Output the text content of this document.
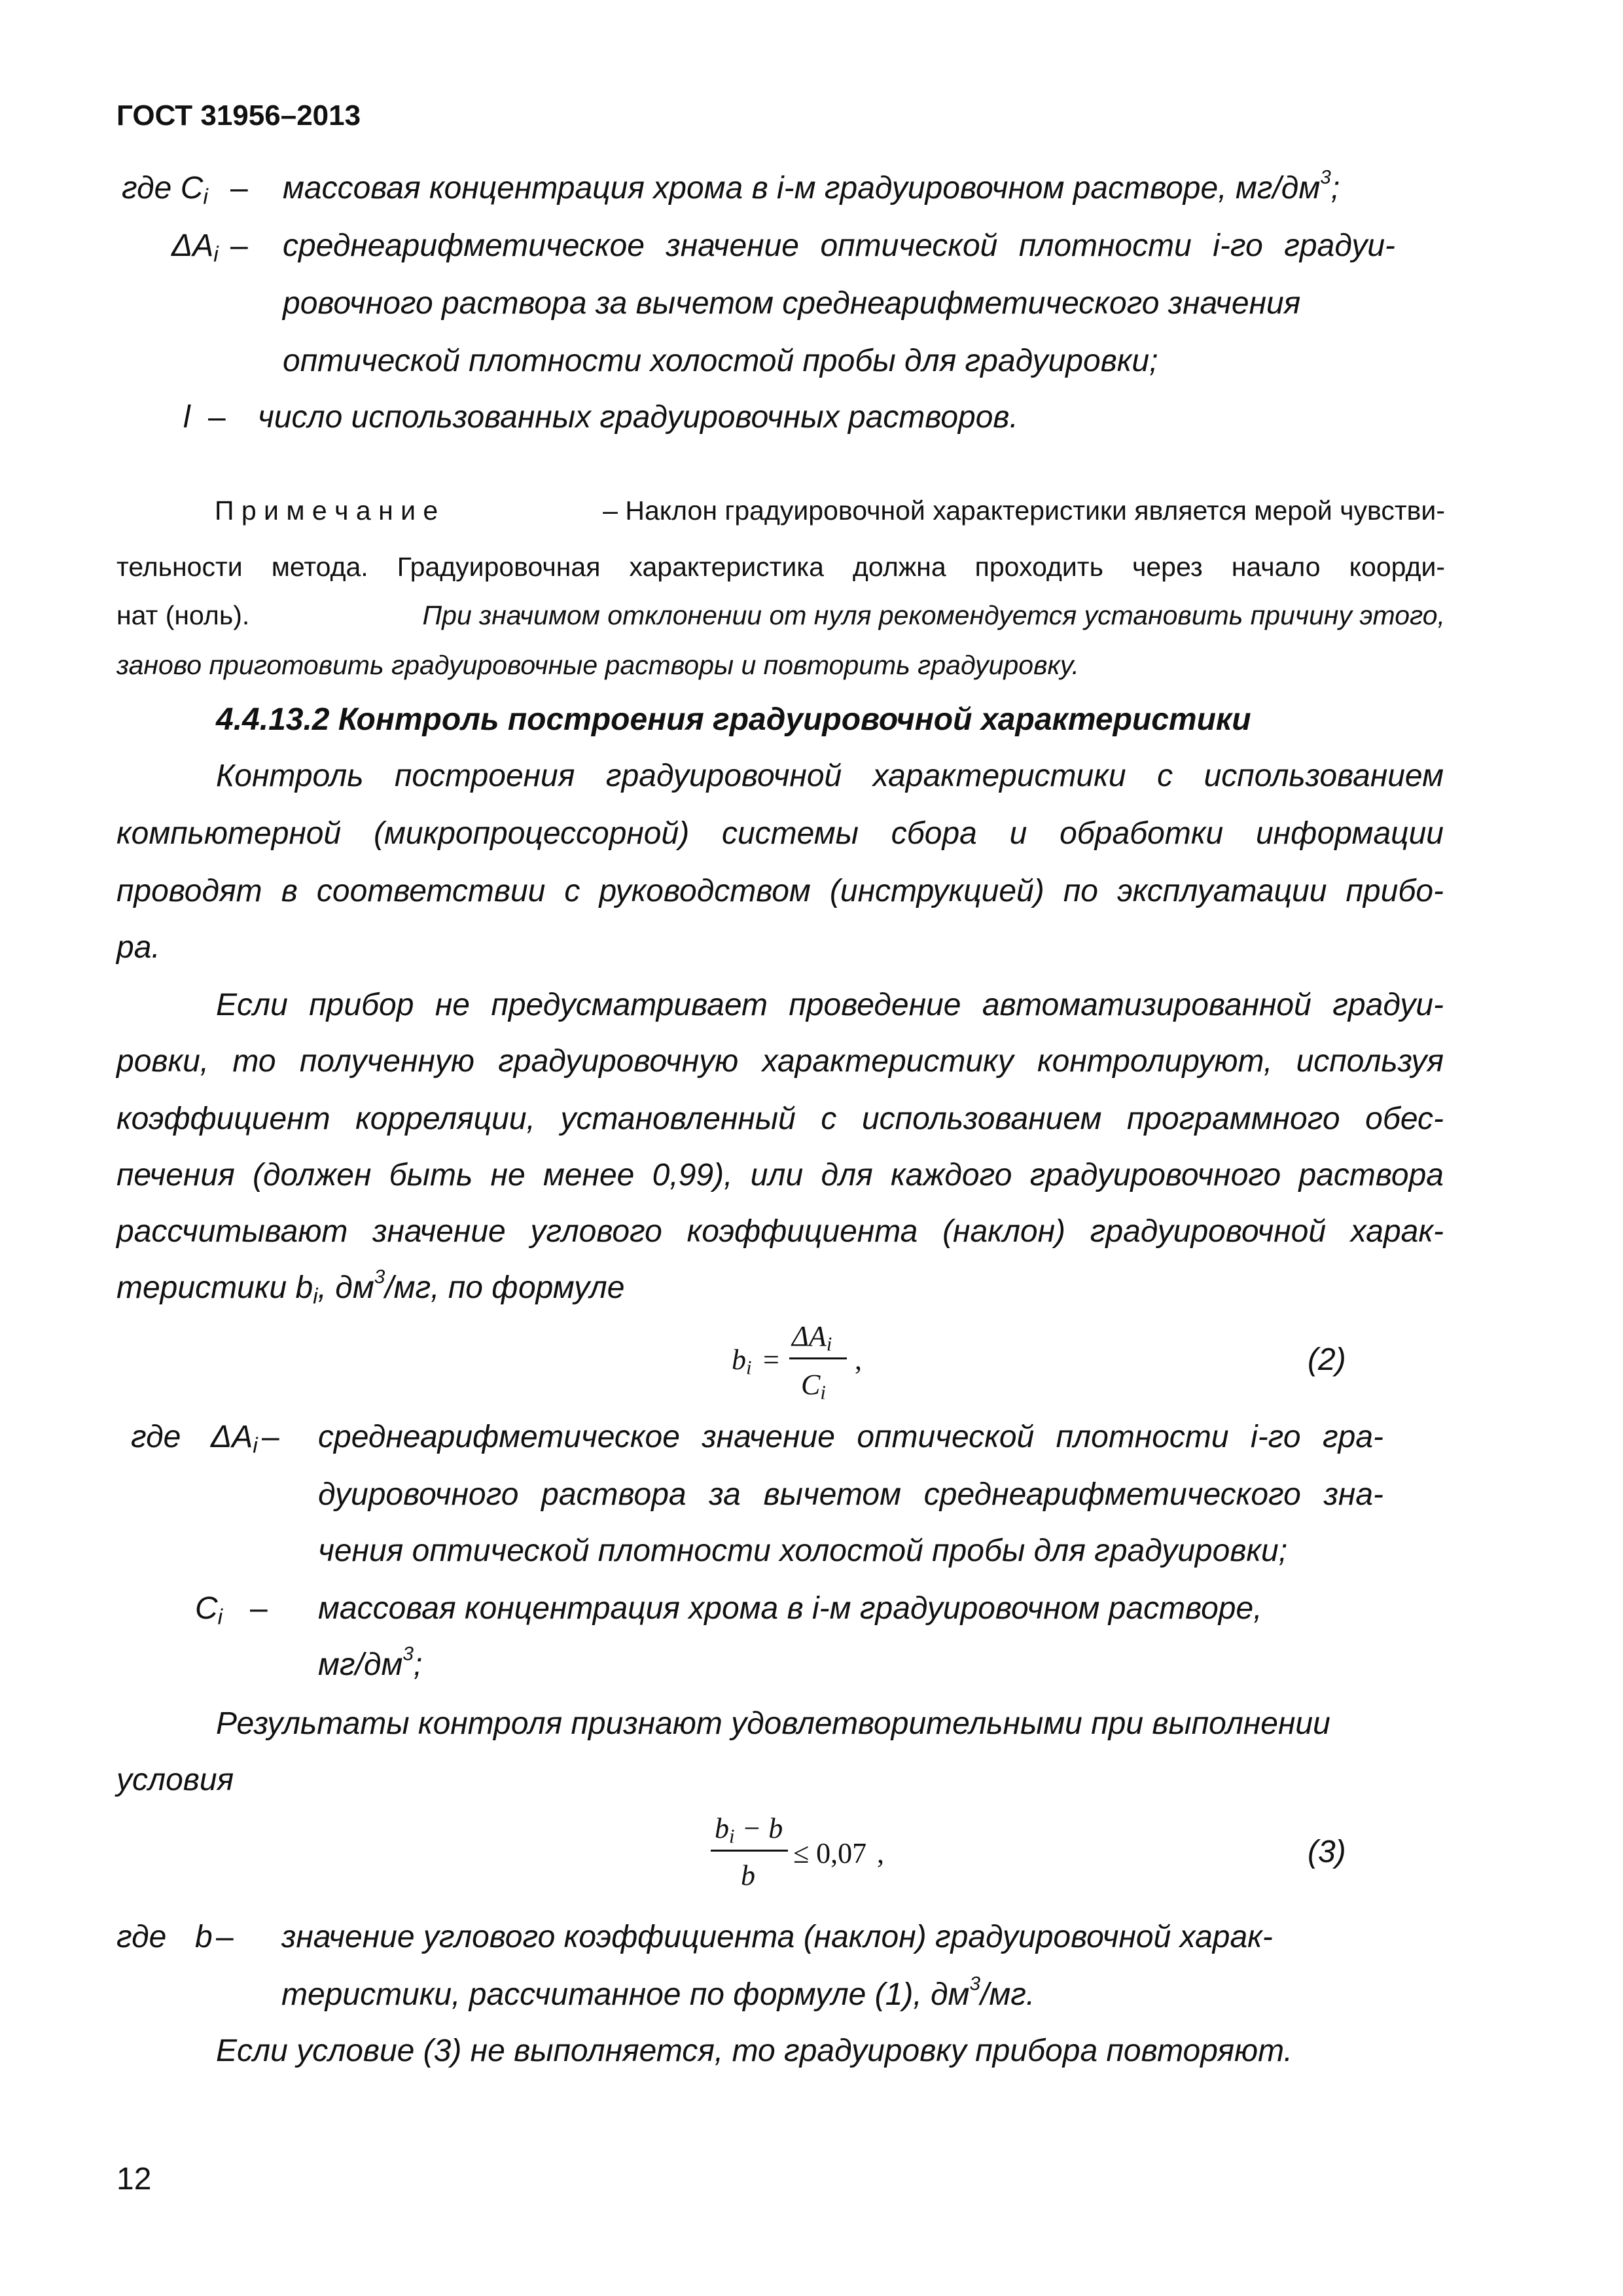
ГОСТ 31956–2013
где $C_i$ – массовая концентрация хрома в i-м градуировочном растворе, $мг/дм^3$;
$\Delta A_i$ – среднеарифметическое значение оптической плотности i-го градуи-
ровочного раствора за вычетом среднеарифметического значения
оптической плотности холостой пробы для градуировки;
l – число использованных градуировочных растворов.
П р и м е ч а н и е	– Наклон градуировочной характеристики является мерой чувстви-
тельности метода. Градуировочная характеристика должна проходить через начало коорди-
нат (ноль).	При значимом отклонении от нуля рекомендуется установить причину этого,
заново приготовить градуировочные растворы и повторить градуировку.
4.4.13.2 Контроль построения градуировочной характеристики
Контроль построения градуировочной характеристики с использованием
компьютерной (микропроцессорной) системы сбора и обработки информации
проводят в соответствии с руководством (инструкцией) по эксплуатации прибо-
ра.
Если прибор не предусматривает проведение автоматизированной градуи-
ровки, то полученную градуировочную характеристику контролируют, используя
коэффициент корреляции, установленный с использованием программного обес-
печения (должен быть не менее 0,99), или для каждого градуировочного раствора
рассчитывают значение углового коэффициента (наклон) градуировочной харак-
теристики $b_i$, $дм^3/мг$, по формуле
$b_i$ =
$\Delta A_i$
$C_i$
,	(2)
где $\Delta A_i$ – среднеарифметическое значение оптической плотности i-го гра-
дуировочного раствора за вычетом среднеарифметического зна-
чения оптической плотности холостой пробы для градуировки;
$C_i$ – массовая концентрация хрома в i-м градуировочном растворе,
$мг/дм^3$;
Результаты контроля признают удовлетворительными при выполнении
условия
$b_i - b$
b
≤ 0,07 ,	(3)
где b – значение углового коэффициента (наклон) градуировочной харак-
теристики, рассчитанное по формуле (1), $дм^3/мг$.
Если условие (3) не выполняется, то градуировку прибора повторяют.
12
